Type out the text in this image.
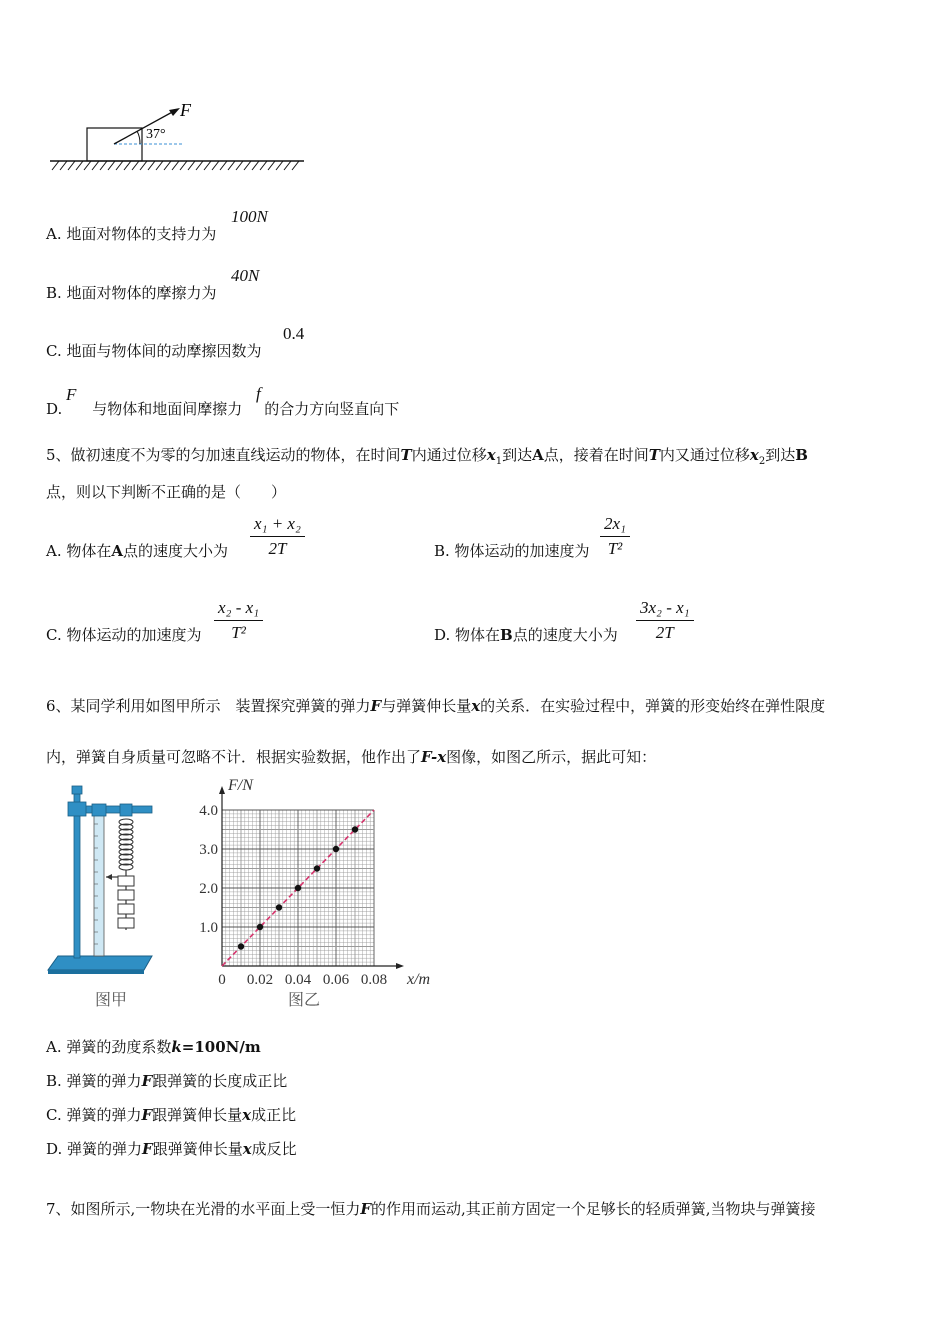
F
37°
A. 地面对物体的支持力为
100N
B. 地面对物体的摩擦力为
40N
C. 地面与物体间的动摩擦因数为
0.4
D. 与物体和地面间摩擦力 的合力方向竖直向下
F	f
5、做初速度不为零的匀加速直线运动的物体，在时间T内通过位移$x_1$到达A点，接着在时间T内又通过位移$x_2$到达B
点，则以下判断不正确的是（　　）
A. 物体在A点的速度大小为 $\frac{\text{x₁ + x₂}}{2T}$	B. 物体运动的加速度为 $\frac{\text{2x₁}}{\text{T²}}$
C. 物体运动的加速度为 $\frac{\text{x₂ - x₁}}{\text{T²}}$	D. 物体在B点的速度大小为 $\frac{\text{3x₂ - x₁}}{2T}$
6、某同学利用如图甲所示　装置探究弹簧的弹力F与弹簧伸长量x的关系．在实验过程中，弹簧的形变始终在弹性限度
内，弹簧自身质量可忽略不计．根据实验数据，他作出了F-x图像，如图乙所示，据此可知：
0 0.02 0.04 0.06 0.08
1.0
2.0
3.0
4.0
x/m
F/N
图甲	图乙
A. 弹簧的劲度系数k=100N/m
B. 弹簧的弹力F跟弹簧的长度成正比
C. 弹簧的弹力F跟弹簧伸长量x成正比
D. 弹簧的弹力F跟弹簧伸长量x成反比
7、如图所示,一物块在光滑的水平面上受一恒力F的作用而运动,其正前方固定一个足够长的轻质弹簧,当物块与弹簧接
